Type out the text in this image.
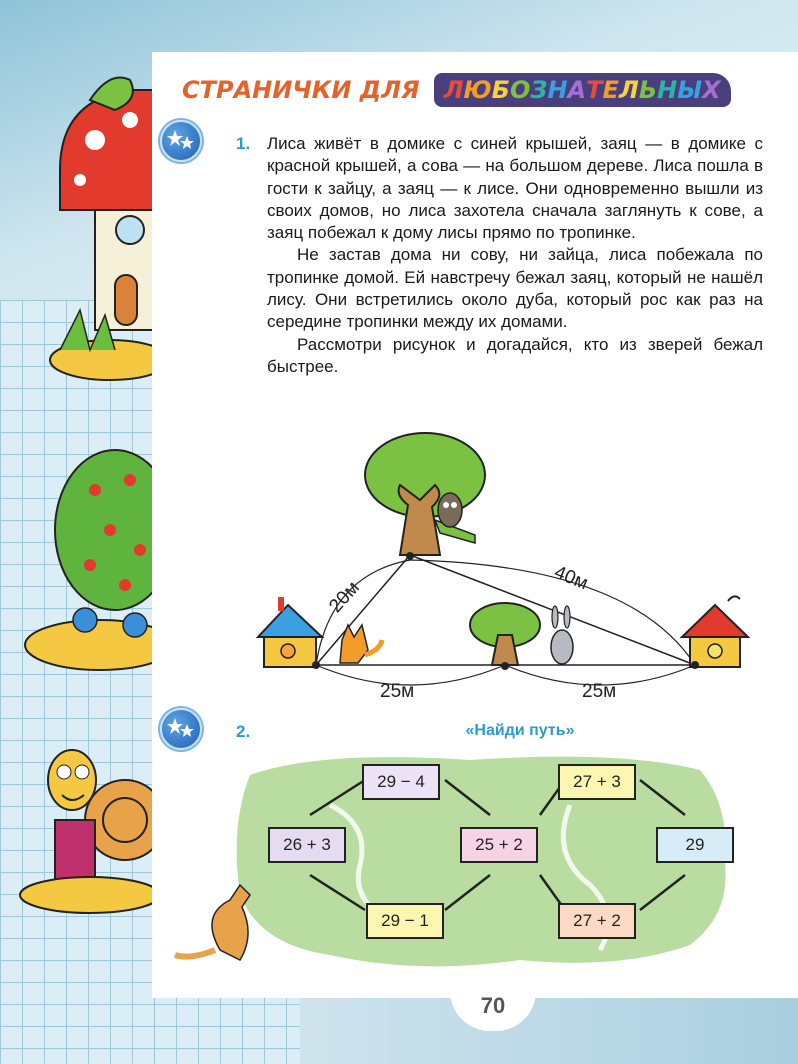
СТРАНИЧКИ ДЛЯ	ЛЮБОЗНАТЕЛЬНЫХ
1. Лиса живёт в домике с синей крышей, заяц — в домике с красной крышей, а сова — на большом дереве. Лиса пошла в гости к зайцу, а заяц — к лисе. Они одновременно вышли из своих домов, но лиса захотела сначала заглянуть к сове, а заяц побежал к дому лисы прямо по тропинке.

Не застав дома ни сову, ни зайца, лиса побежала по тропинке домой. Ей навстречу бежал заяц, который не нашёл лису. Они встретились около дуба, который рос как раз на середине тропинки между их домами.

Рассмотри рисунок и догадайся, кто из зверей бежал быстрее.

20м	40м
25м	25м
2.	«Найди путь»
29 − 4	27 + 3
26 + 3	25 + 2	29
29 − 1	27 + 2
70
